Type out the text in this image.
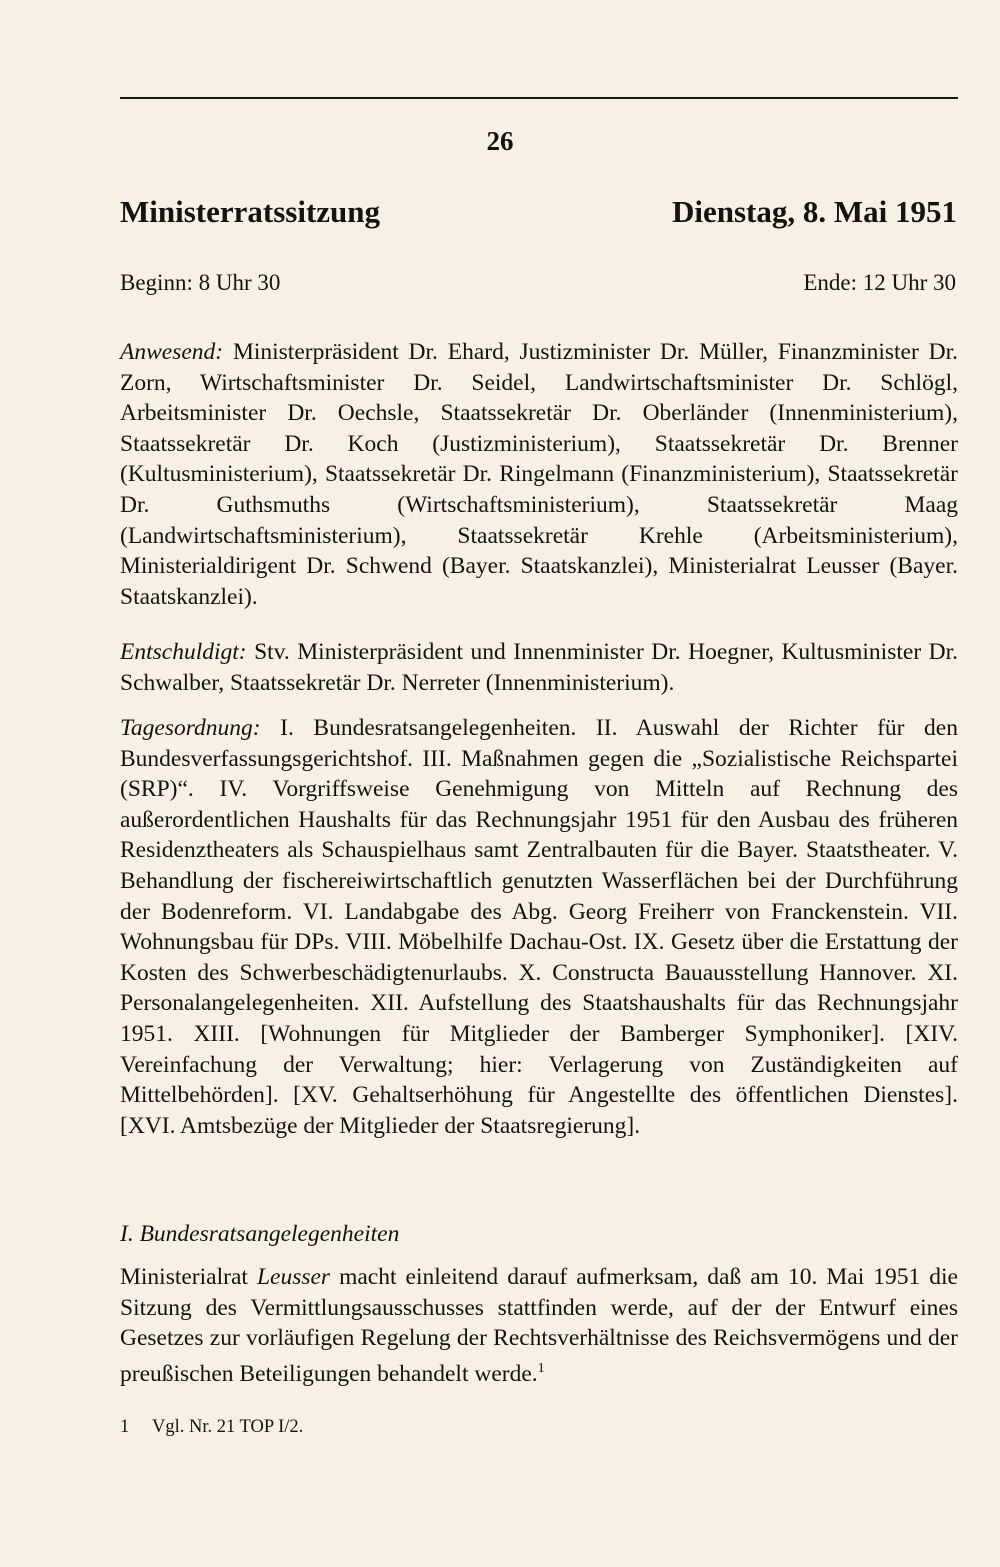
26
Ministerratssitzung	Dienstag, 8. Mai 1951
Beginn: 8 Uhr 30	Ende: 12 Uhr 30
Anwesend: Ministerpräsident Dr. Ehard, Justizminister Dr. Müller, Finanzminister Dr. Zorn, Wirtschaftsminister Dr. Seidel, Landwirtschaftsminister Dr. Schlögl, Arbeitsminister Dr. Oechsle, Staatssekretär Dr. Oberländer (Innenministerium), Staatssekretär Dr. Koch (Justizministerium), Staatssekretär Dr. Brenner (Kultusministerium), Staatssekretär Dr. Ringelmann (Finanzministerium), Staatssekretär Dr. Guthsmuths (Wirtschaftsministerium), Staatssekretär Maag (Landwirtschaftsministerium), Staatssekretär Krehle (Arbeitsministerium), Ministerialdirigent Dr. Schwend (Bayer. Staatskanzlei), Ministerialrat Leusser (Bayer. Staatskanzlei).
Entschuldigt: Stv. Ministerpräsident und Innenminister Dr. Hoegner, Kultusminister Dr. Schwalber, Staatssekretär Dr. Nerreter (Innenministerium).
Tagesordnung: I. Bundesratsangelegenheiten. II. Auswahl der Richter für den Bundesverfassungsgerichtshof. III. Maßnahmen gegen die „Sozialistische Reichspartei (SRP)“. IV. Vorgriffsweise Genehmigung von Mitteln auf Rechnung des außerordentlichen Haushalts für das Rechnungsjahr 1951 für den Ausbau des früheren Residenztheaters als Schauspielhaus samt Zentralbauten für die Bayer. Staatstheater. V. Behandlung der fischereiwirtschaftlich genutzten Wasserflächen bei der Durchführung der Bodenreform. VI. Landabgabe des Abg. Georg Freiherr von Franckenstein. VII. Wohnungsbau für DPs. VIII. Möbelhilfe Dachau-Ost. IX. Gesetz über die Erstattung der Kosten des Schwerbeschädigtenurlaubs. X. Constructa Bauausstellung Hannover. XI. Personalangelegenheiten. XII. Aufstellung des Staatshaushalts für das Rechnungsjahr 1951. XIII. [Wohnungen für Mitglieder der Bamberger Symphoniker]. [XIV. Vereinfachung der Verwaltung; hier: Verlagerung von Zuständigkeiten auf Mittelbehörden]. [XV. Gehaltserhöhung für Angestellte des öffentlichen Dienstes]. [XVI. Amtsbezüge der Mitglieder der Staatsregierung].
I. Bundesratsangelegenheiten
Ministerialrat Leusser macht einleitend darauf aufmerksam, daß am 10. Mai 1951 die Sitzung des Vermittlungsausschusses stattfinden werde, auf der der Entwurf eines Gesetzes zur vorläufigen Regelung der Rechtsverhältnisse des Reichsvermögens und der preußischen Beteiligungen behandelt werde.$^1$
1 Vgl. Nr. 21 TOP I/2.
